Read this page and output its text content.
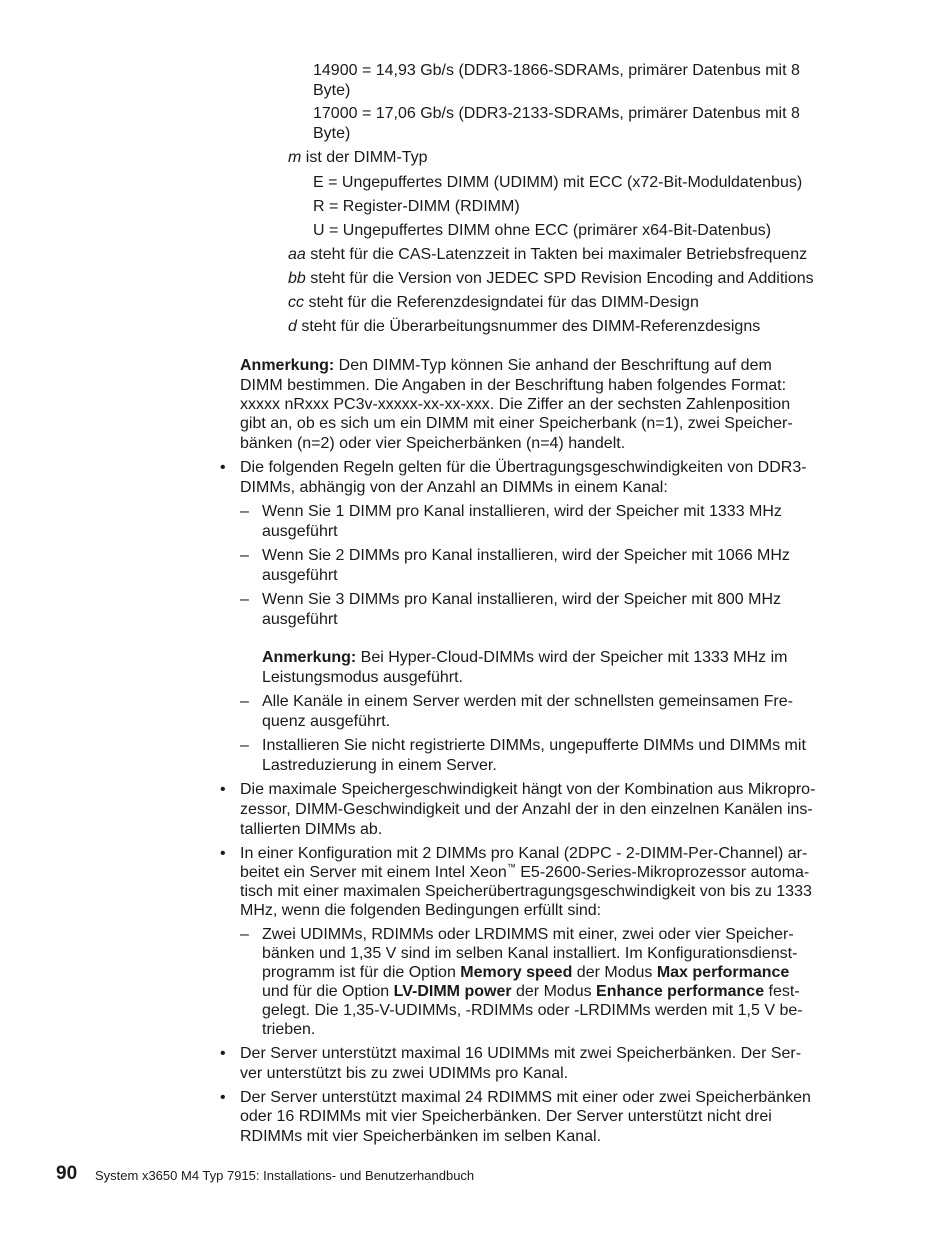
14900 = 14,93 Gb/s (DDR3-1866-SDRAMs, primärer Datenbus mit 8
Byte)
17000 = 17,06 Gb/s (DDR3-2133-SDRAMs, primärer Datenbus mit 8
Byte)
m ist der DIMM-Typ
E = Ungepuffertes DIMM (UDIMM) mit ECC (x72-Bit-Moduldatenbus)
R = Register-DIMM (RDIMM)
U = Ungepuffertes DIMM ohne ECC (primärer x64-Bit-Datenbus)
aa steht für die CAS-Latenzzeit in Takten bei maximaler Betriebsfrequenz
bb steht für die Version von JEDEC SPD Revision Encoding and Additions
cc steht für die Referenzdesigndatei für das DIMM-Design
d steht für die Überarbeitungsnummer des DIMM-Referenzdesigns
Anmerkung: Den DIMM-Typ können Sie anhand der Beschriftung auf dem
DIMM bestimmen. Die Angaben in der Beschriftung haben folgendes Format:
xxxxx nRxxx PC3v-xxxxx-xx-xx-xxx. Die Ziffer an der sechsten Zahlenposition
gibt an, ob es sich um ein DIMM mit einer Speicherbank (n=1), zwei Speicher-
bänken (n=2) oder vier Speicherbänken (n=4) handelt.
• Die folgenden Regeln gelten für die Übertragungsgeschwindigkeiten von DDR3-
DIMMs, abhängig von der Anzahl an DIMMs in einem Kanal:
– Wenn Sie 1 DIMM pro Kanal installieren, wird der Speicher mit 1333 MHz
ausgeführt
– Wenn Sie 2 DIMMs pro Kanal installieren, wird der Speicher mit 1066 MHz
ausgeführt
– Wenn Sie 3 DIMMs pro Kanal installieren, wird der Speicher mit 800 MHz
ausgeführt
Anmerkung: Bei Hyper-Cloud-DIMMs wird der Speicher mit 1333 MHz im
Leistungsmodus ausgeführt.
– Alle Kanäle in einem Server werden mit der schnellsten gemeinsamen Fre-
quenz ausgeführt.
– Installieren Sie nicht registrierte DIMMs, ungepufferte DIMMs und DIMMs mit
Lastreduzierung in einem Server.
• Die maximale Speichergeschwindigkeit hängt von der Kombination aus Mikropro-
zessor, DIMM-Geschwindigkeit und der Anzahl der in den einzelnen Kanälen ins-
tallierten DIMMs ab.
• In einer Konfiguration mit 2 DIMMs pro Kanal (2DPC - 2-DIMM-Per-Channel) ar-
beitet ein Server mit einem Intel Xeon™ E5-2600-Series-Mikroprozessor automa-
tisch mit einer maximalen Speicherübertragungsgeschwindigkeit von bis zu 1333
MHz, wenn die folgenden Bedingungen erfüllt sind:
– Zwei UDIMMs, RDIMMs oder LRDIMMS mit einer, zwei oder vier Speicher-
bänken und 1,35 V sind im selben Kanal installiert. Im Konfigurationsdienst-
programm ist für die Option Memory speed der Modus Max performance
und für die Option LV-DIMM power der Modus Enhance performance fest-
gelegt. Die 1,35-V-UDIMMs, -RDIMMs oder -LRDIMMs werden mit 1,5 V be-
trieben.
• Der Server unterstützt maximal 16 UDIMMs mit zwei Speicherbänken. Der Ser-
ver unterstützt bis zu zwei UDIMMs pro Kanal.
• Der Server unterstützt maximal 24 RDIMMS mit einer oder zwei Speicherbänken
oder 16 RDIMMs mit vier Speicherbänken. Der Server unterstützt nicht drei
RDIMMs mit vier Speicherbänken im selben Kanal.
90 System x3650 M4 Typ 7915: Installations- und Benutzerhandbuch
